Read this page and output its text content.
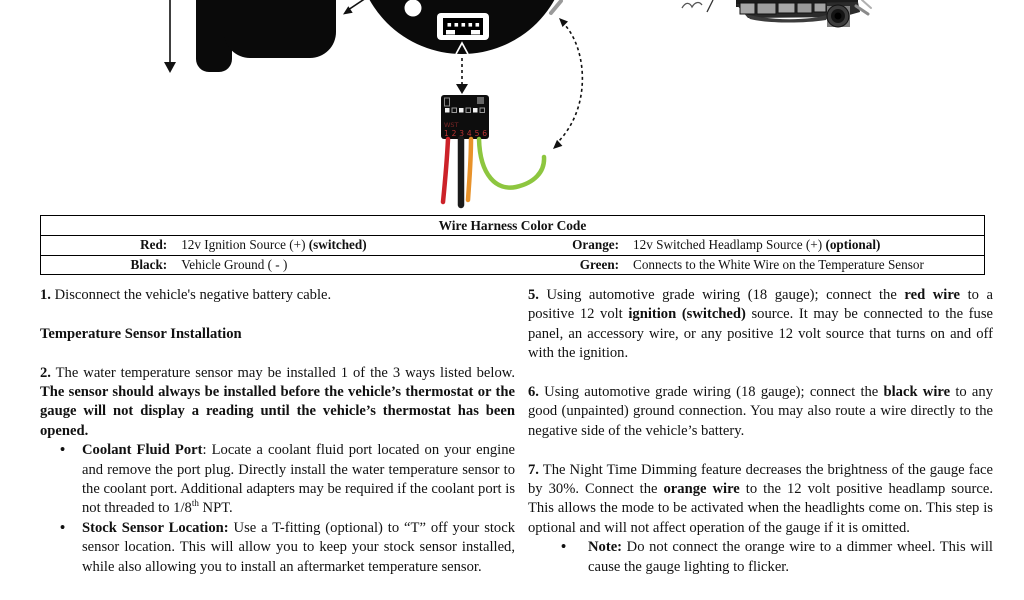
WST
1 2 3 4 5 6
Wire Harness Color Code			
Red:	12v Ignition Source (+) (switched)	Orange:	12v Switched Headlamp Source (+) (optional)
Black:	Vehicle Ground ( - )	Green:	Connects to the White Wire on the Temperature Sensor

1. Disconnect the vehicle's negative battery cable.

Temperature Sensor Installation

2. The water temperature sensor may be installed 1 of the 3 ways listed below. The sensor should always be installed before the vehicle’s thermostat or the gauge will not display a reading until the vehicle’s thermostat has been opened.

• Coolant Fluid Port: Locate a coolant fluid port located on your engine and remove the port plug. Directly install the water temperature sensor to the coolant port. Additional adapters may be required if the coolant port is not threaded to 1/8th NPT.
• Stock Sensor Location: Use a T-fitting (optional) to “T” off your stock sensor location. This will allow you to keep your stock sensor installed, while also allowing you to install an aftermarket temperature sensor.

5. Using automotive grade wiring (18 gauge); connect the red wire to a positive 12 volt ignition (switched) source. It may be connected to the fuse panel, an accessory wire, or any positive 12 volt source that turns on and off with the ignition.

6. Using automotive grade wiring (18 gauge); connect the black wire to any good (unpainted) ground connection. You may also route a wire directly to the negative side of the vehicle’s battery.

7. The Night Time Dimming feature decreases the brightness of the gauge face by 30%. Connect the orange wire to the 12 volt positive headlamp source. This allows the mode to be activated when the headlights come on. This step is optional and will not affect operation of the gauge if it is omitted.

• Note: Do not connect the orange wire to a dimmer wheel. This will cause the gauge lighting to flicker.
